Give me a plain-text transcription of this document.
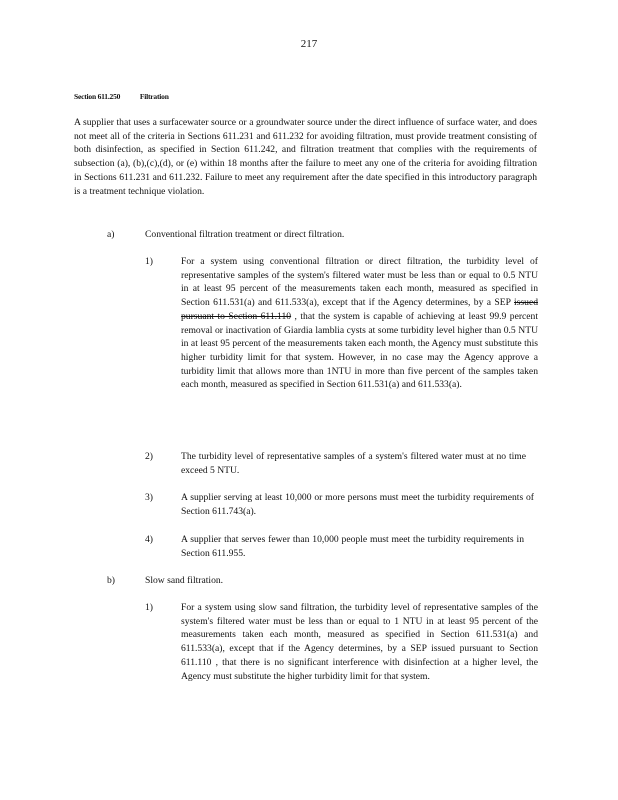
217
Section 611.250	Filtration
A supplier that uses a surfacewater source or a groundwater source under the direct influence of surface water, and does not meet all of the criteria in Sections 611.231 and 611.232 for avoiding filtration, must provide treatment consisting of both disinfection, as specified in Section 611.242, and filtration treatment that complies with the requirements of subsection (a), (b),(c),(d), or (e) within 18 months after the failure to meet any one of the criteria for avoiding filtration in Sections 611.231 and 611.232. Failure to meet any requirement after the date specified in this introductory paragraph is a treatment technique violation.
a)	Conventional filtration treatment or direct filtration.
1)	For a system using conventional filtration or direct filtration, the turbidity level of representative samples of the system's filtered water must be less than or equal to 0.5 NTU in at least 95 percent of the measurements taken each month, measured as specified in Section 611.531(a) and 611.533(a), except that if the Agency determines, by a SEP issued pursuant to Section 611.110 , that the system is capable of achieving at least 99.9 percent removal or inactivation of Giardia lamblia cysts at some turbidity level higher than 0.5 NTU in at least 95 percent of the measurements taken each month, the Agency must substitute this higher turbidity limit for that system. However, in no case may the Agency approve a turbidity limit that allows more than 1NTU in more than five percent of the samples taken each month, measured as specified in Section 611.531(a) and 611.533(a).
2)	The turbidity level of representative samples of a system's filtered water must at no time exceed 5 NTU.
3)	A supplier serving at least 10,000 or more persons must meet the turbidity requirements of Section 611.743(a).
4)	A supplier that serves fewer than 10,000 people must meet the turbidity requirements in Section 611.955.
b)	Slow sand filtration.
1)	For a system using slow sand filtration, the turbidity level of representative samples of the system's filtered water must be less than or equal to 1 NTU in at least 95 percent of the measurements taken each month, measured as specified in Section 611.531(a) and 611.533(a), except that if the Agency determines, by a SEP issued pursuant to Section 611.110 , that there is no significant interference with disinfection at a higher level, the Agency must substitute the higher turbidity limit for that system.
